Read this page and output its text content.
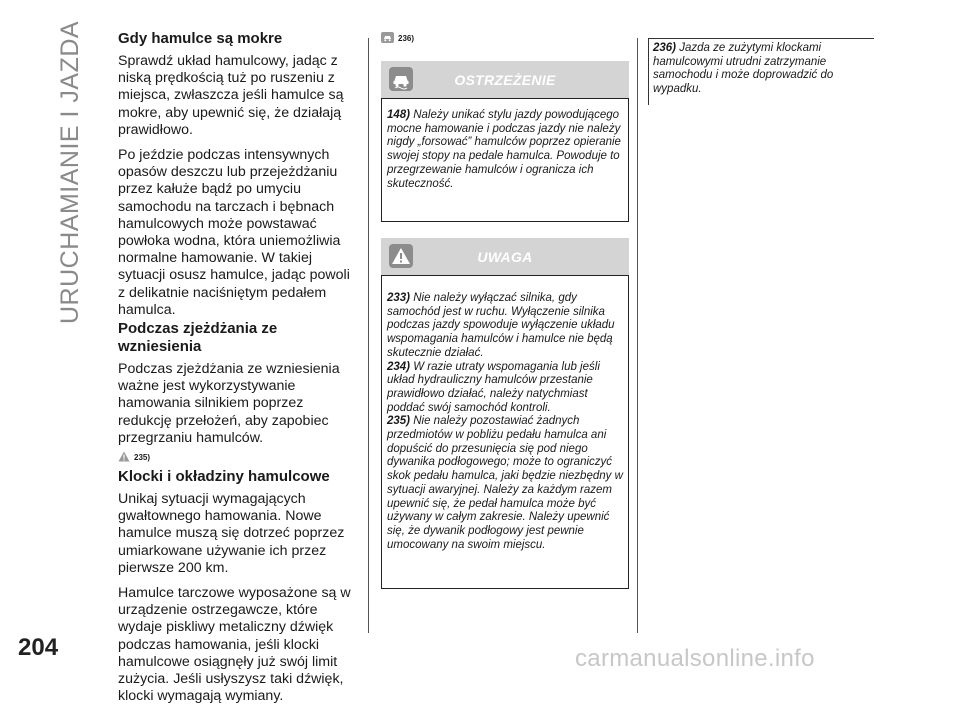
URUCHAMIANIE I JAZDA Gdy hamulce są mokre

Sprawdź układ hamulcowy, jadąc z niską prędkością tuż po ruszeniu z miejsca, zwłaszcza jeśli hamulce są mokre, aby upewnić się, że działają prawidłowo.

Po jeździe podczas intensywnych opasów deszczu lub przejeżdżaniu przez kałuże bądź po umyciu samochodu na tarczach i bębnach hamulcowych może powstawać powłoka wodna, która uniemożliwia normalne hamowanie. W takiej sytuacji osusz hamulce, jadąc powoli z delikatnie naciśniętym pedałem hamulca.

Podczas zjeżdżania ze wzniesienia

Podczas zjeżdżania ze wzniesienia ważne jest wykorzystywanie hamowania silnikiem poprzez redukcję przełożeń, aby zapobiec przegrzaniu hamulców.

235)
Klocki i okładziny hamulcowe

Unikaj sytuacji wymagających gwałtownego hamowania. Nowe hamulce muszą się dotrzeć poprzez umiarkowane używanie ich przez pierwsze 200 km.

Hamulce tarczowe wyposażone są w urządzenie ostrzegawcze, które wydaje piskliwy metaliczny dźwięk podczas hamowania, jeśli klocki hamulcowe osiągnęły już swój limit zużycia. Jeśli usłyszysz taki dźwięk, klocki wymagają wymiany.

236)
OSTRZEŻENIE

148) Należy unikać stylu jazdy powodującego mocne hamowanie i podczas jazdy nie należy nigdy „forsować” hamulców poprzez opieranie swojej stopy na pedale hamulca. Powoduje to przegrzewanie hamulców i ogranicza ich skuteczność.

UWAGA

233) Nie należy wyłączać silnika, gdy samochód jest w ruchu. Wyłączenie silnika podczas jazdy spowoduje wyłączenie układu wspomagania hamulców i hamulce nie będą skutecznie działać.

234) W razie utraty wspomagania lub jeśli układ hydrauliczny hamulców przestanie prawidłowo działać, należy natychmiast poddać swój samochód kontroli.

235) Nie należy pozostawiać żadnych przedmiotów w pobliżu pedału hamulca ani dopuścić do przesunięcia się pod niego dywanika podłogowego; może to ograniczyć skok pedału hamulca, jaki będzie niezbędny w sytuacji awaryjnej. Należy za każdym razem upewnić się, że pedał hamulca może być używany w całym zakresie. Należy upewnić się, że dywanik podłogowy jest pewnie umocowany na swoim miejscu.

236) Jazda ze zużytymi klockami hamulcowymi utrudni zatrzymanie samochodu i może doprowadzić do wypadku.

204	carmanualsonline.info
